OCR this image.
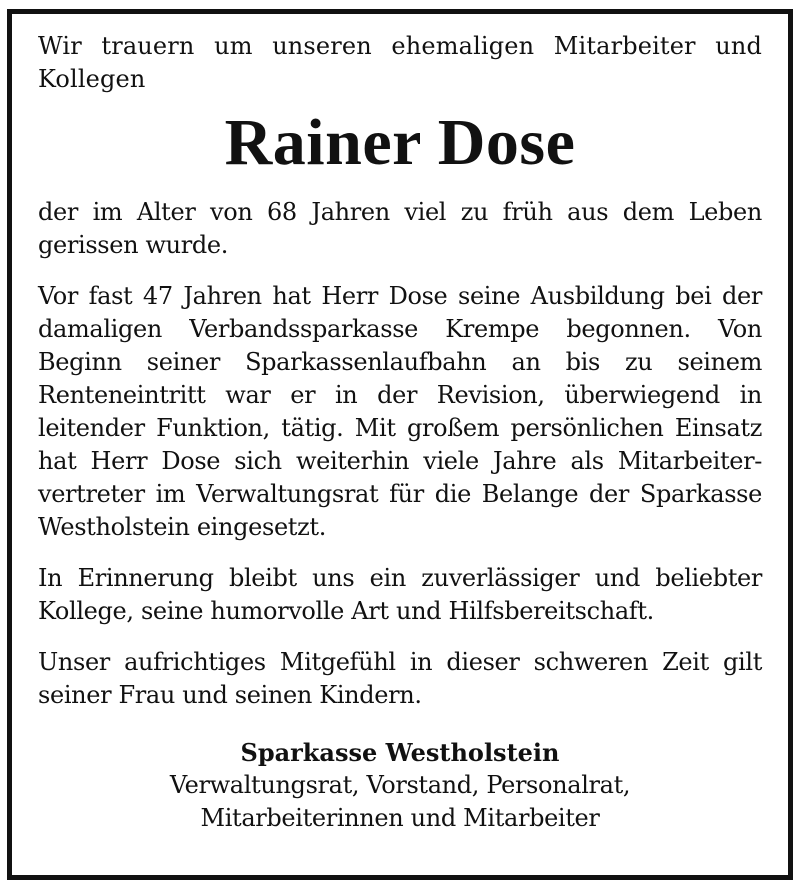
Wir trauern um unseren ehemaligen Mitarbeiter und Kollegen

Rainer Dose

der im Alter von 68 Jahren viel zu früh aus dem Leben gerissen wurde.

Vor fast 47 Jahren hat Herr Dose seine Ausbildung bei der damaligen Verbandssparkasse Krempe begonnen. Von Beginn seiner Sparkassenlaufbahn an bis zu seinem Renteneintritt war er in der Revision, überwiegend in leitender Funktion, tätig. Mit großem persönlichen Einsatz hat Herr Dose sich weiterhin viele Jahre als Mitarbeiter-vertreter im Verwaltungsrat für die Belange der Sparkasse Westholstein eingesetzt.

In Erinnerung bleibt uns ein zuverlässiger und beliebter Kollege, seine humorvolle Art und Hilfsbereitschaft.

Unser aufrichtiges Mitgefühl in dieser schweren Zeit gilt seiner Frau und seinen Kindern.

Sparkasse Westholstein
Verwaltungsrat, Vorstand, Personalrat,
Mitarbeiterinnen und Mitarbeiter
